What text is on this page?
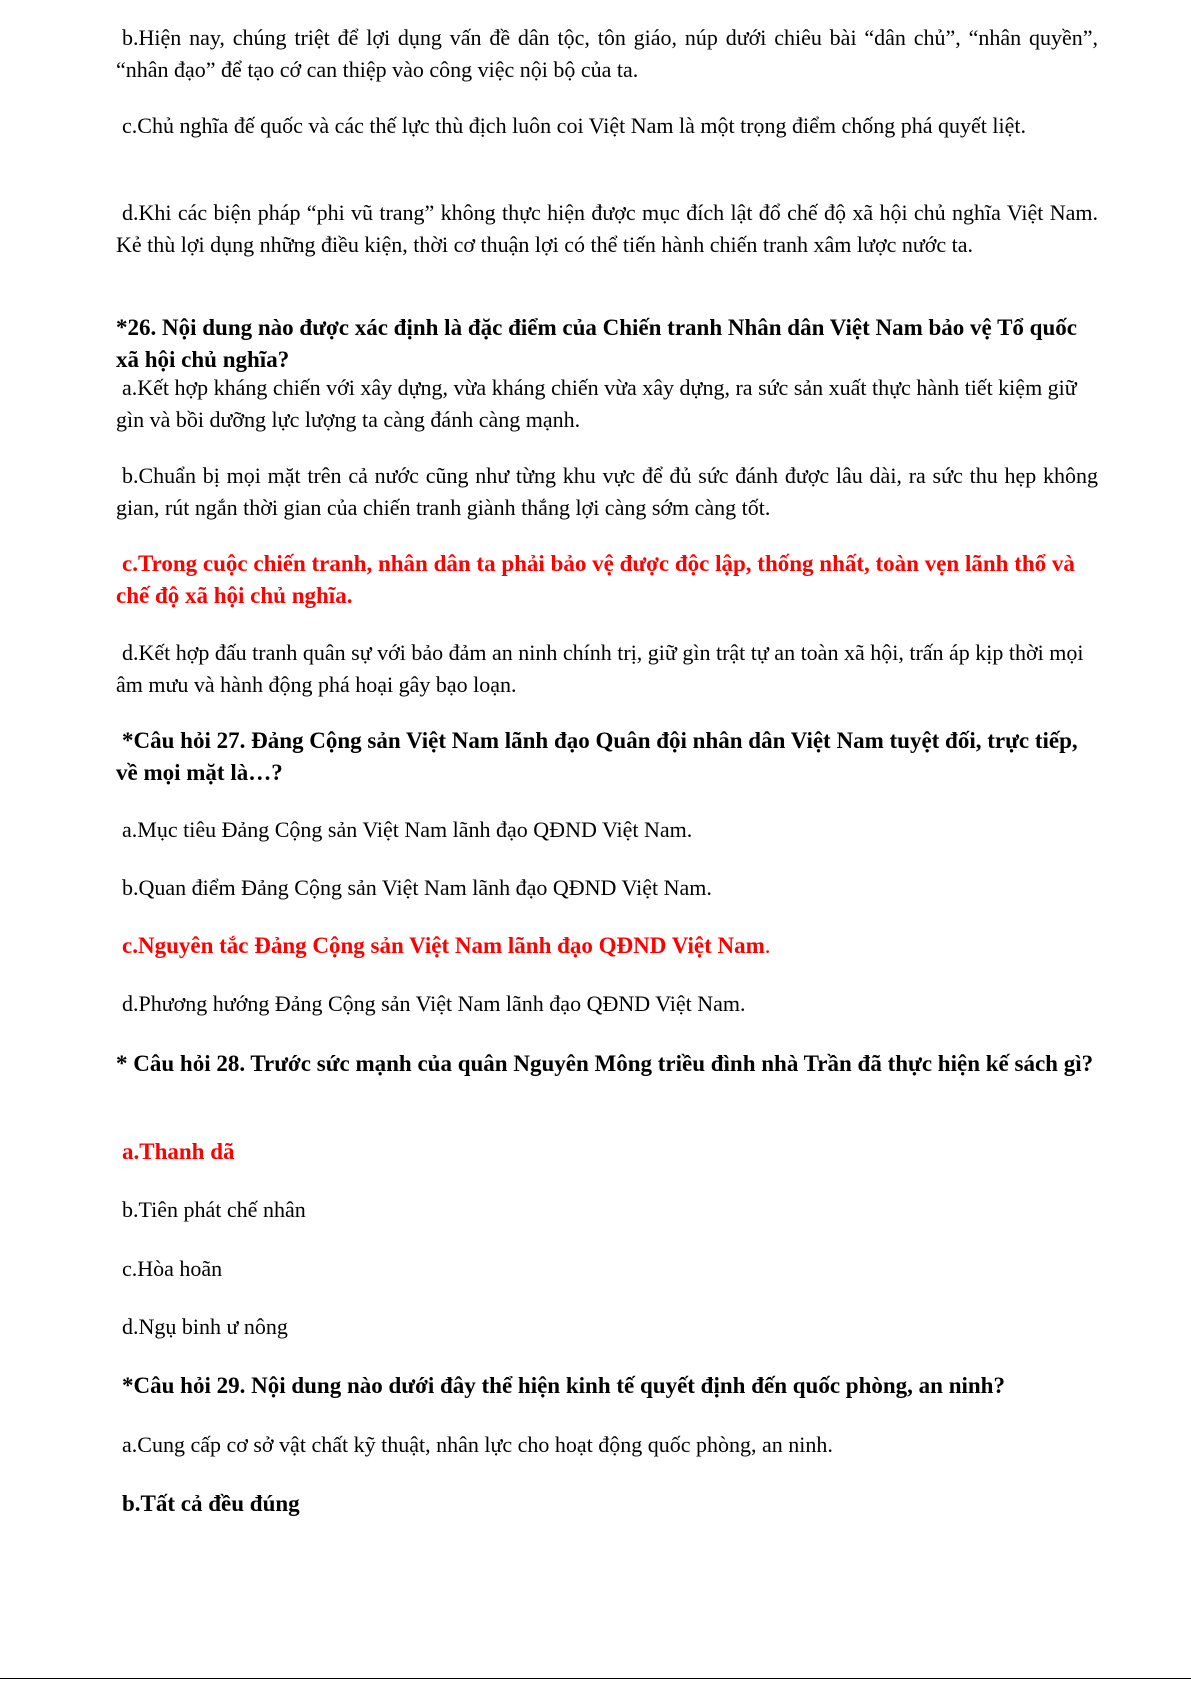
b.Hiện nay, chúng triệt để lợi dụng vấn đề dân tộc, tôn giáo, núp dưới chiêu bài “dân chủ”, “nhân quyền”, “nhân đạo” để tạo cớ can thiệp vào công việc nội bộ của ta.

c.Chủ nghĩa đế quốc và các thế lực thù địch luôn coi Việt Nam là một trọng điểm chống phá quyết liệt.

d.Khi các biện pháp “phi vũ trang” không thực hiện được mục đích lật đổ chế độ xã hội chủ nghĩa Việt Nam. Kẻ thù lợi dụng những điều kiện, thời cơ thuận lợi có thể tiến hành chiến tranh xâm lược nước ta.

*26. Nội dung nào được xác định là đặc điểm của Chiến tranh Nhân dân Việt Nam bảo vệ Tổ quốc xã hội chủ nghĩa?

a.Kết hợp kháng chiến với xây dựng, vừa kháng chiến vừa xây dựng, ra sức sản xuất thực hành tiết kiệm giữ gìn và bồi dưỡng lực lượng ta càng đánh càng mạnh.

b.Chuẩn bị mọi mặt trên cả nước cũng như từng khu vực để đủ sức đánh được lâu dài, ra sức thu hẹp không gian, rút ngắn thời gian của chiến tranh giành thắng lợi càng sớm càng tốt.

c.Trong cuộc chiến tranh, nhân dân ta phải bảo vệ được độc lập, thống nhất, toàn vẹn lãnh thổ và chế độ xã hội chủ nghĩa.

d.Kết hợp đấu tranh quân sự với bảo đảm an ninh chính trị, giữ gìn trật tự an toàn xã hội, trấn áp kịp thời mọi âm mưu và hành động phá hoại gây bạo loạn.

*Câu hỏi 27. Đảng Cộng sản Việt Nam lãnh đạo Quân đội nhân dân Việt Nam tuyệt đối, trực tiếp, về mọi mặt là…?

a.Mục tiêu Đảng Cộng sản Việt Nam lãnh đạo QĐND Việt Nam.

b.Quan điểm Đảng Cộng sản Việt Nam lãnh đạo QĐND Việt Nam.

c.Nguyên tắc Đảng Cộng sản Việt Nam lãnh đạo QĐND Việt Nam.

d.Phương hướng Đảng Cộng sản Việt Nam lãnh đạo QĐND Việt Nam.

* Câu hỏi 28. Trước sức mạnh của quân Nguyên Mông triều đình nhà Trần đã thực hiện kế sách gì?

a.Thanh dã

b.Tiên phát chế nhân

c.Hòa hoãn

d.Ngụ binh ư nông

*Câu hỏi 29. Nội dung nào dưới đây thể hiện kinh tế quyết định đến quốc phòng, an ninh?

a.Cung cấp cơ sở vật chất kỹ thuật, nhân lực cho hoạt động quốc phòng, an ninh.

b.Tất cả đều đúng
